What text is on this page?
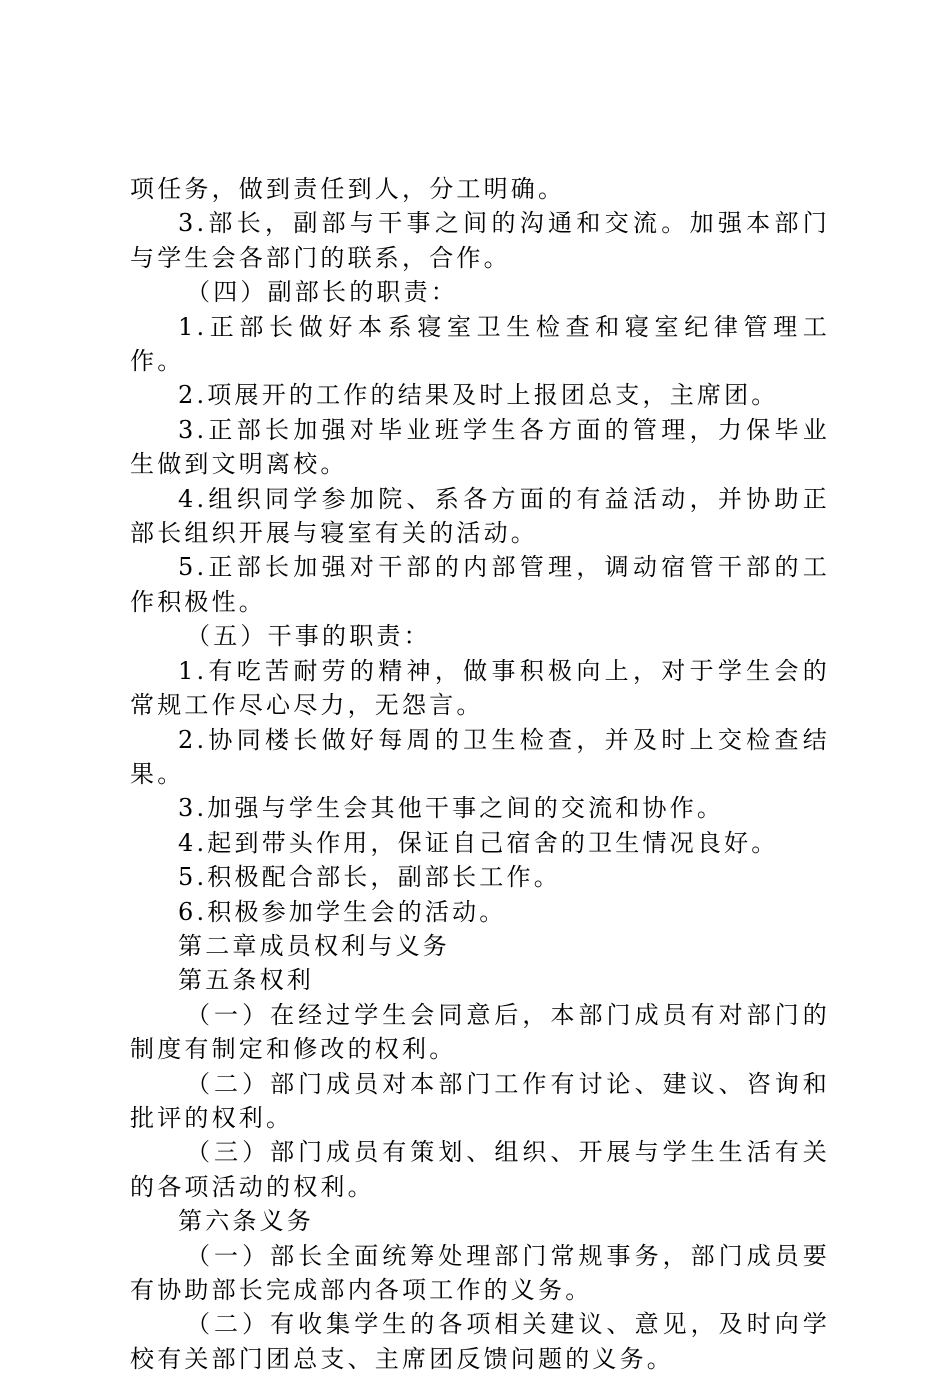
项任务，做到责任到人，分工明确。

3.部长，副部与干事之间的沟通和交流。加强本部门与学生会各部门的联系，合作。

（四）副部长的职责：

1.正部长做好本系寝室卫生检查和寝室纪律管理工作。

2.项展开的工作的结果及时上报团总支，主席团。

3.正部长加强对毕业班学生各方面的管理，力保毕业生做到文明离校。

4.组织同学参加院、系各方面的有益活动，并协助正部长组织开展与寝室有关的活动。

5.正部长加强对干部的内部管理，调动宿管干部的工作积极性。

（五）干事的职责：

1.有吃苦耐劳的精神，做事积极向上，对于学生会的常规工作尽心尽力，无怨言。

2.协同楼长做好每周的卫生检查，并及时上交检查结果。

3.加强与学生会其他干事之间的交流和协作。

4.起到带头作用，保证自己宿舍的卫生情况良好。

5.积极配合部长，副部长工作。

6.积极参加学生会的活动。

第二章成员权利与义务

第五条权利

（一）在经过学生会同意后，本部门成员有对部门的制度有制定和修改的权利。

（二）部门成员对本部门工作有讨论、建议、咨询和批评的权利。

（三）部门成员有策划、组织、开展与学生生活有关的各项活动的权利。

第六条义务

（一）部长全面统筹处理部门常规事务，部门成员要有协助部长完成部内各项工作的义务。

（二）有收集学生的各项相关建议、意见，及时向学校有关部门团总支、主席团反馈问题的义务。
